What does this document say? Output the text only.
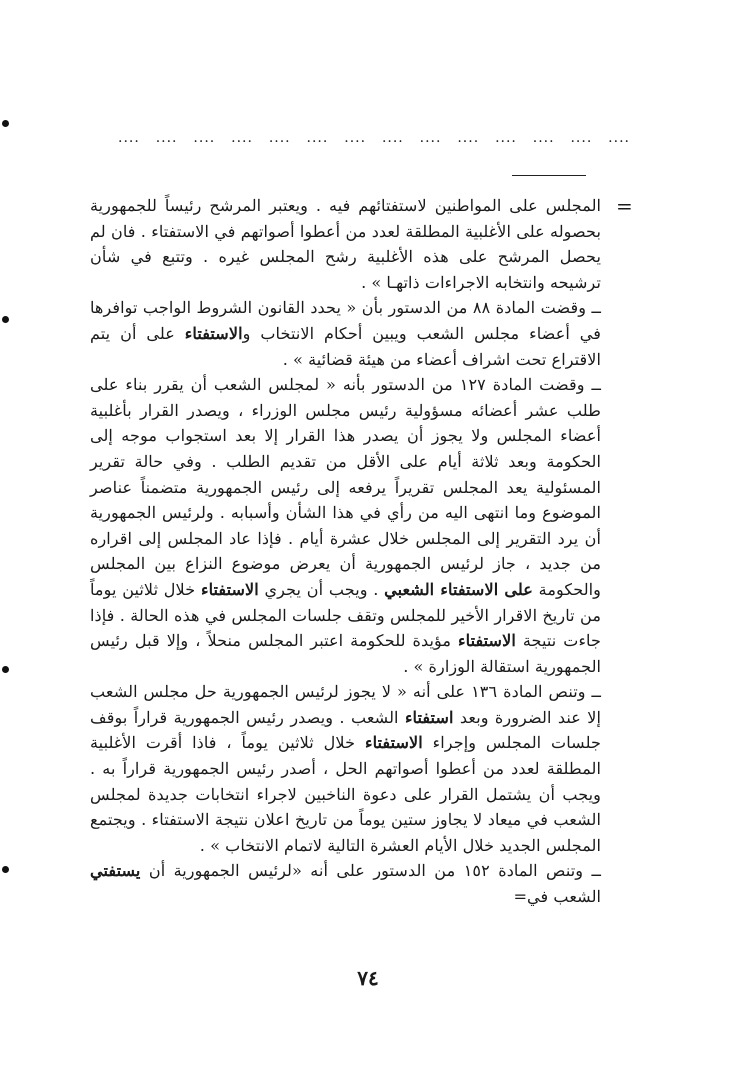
.... .... .... .... .... .... .... .... .... .... .... .... .... ....
=

المجلس على المواطنين لاستفتائهم فيه . ويعتبر المرشح رئيساً للجمهورية بحصوله على الأغلبية المطلقة لعدد من أعطوا أصواتهم في الاستفتاء . فان لم يحصل المرشح على هذه الأغلبية رشح المجلس غيره . وتتبع في شأن ترشيحه وانتخابه الاجراءات ذاتهـا » .

ــ وقضت المادة ٨٨ من الدستور بأن « يحدد القانون الشروط الواجب توافرها في أعضاء مجلس الشعب ويبين أحكام الانتخاب والاستفتاء على أن يتم الاقتراع تحت اشراف أعضاء من هيئة قضائية » .

ــ وقضت المادة ١٢٧ من الدستور بأنه « لمجلس الشعب أن يقرر بناء على طلب عشر أعضائه مسؤولية رئيس مجلس الوزراء ، ويصدر القرار بأغلبية أعضاء المجلس ولا يجوز أن يصدر هذا القرار إلا بعد استجواب موجه إلى الحكومة وبعد ثلاثة أيام على الأقل من تقديم الطلب . وفي حالة تقرير المسئولية يعد المجلس تقريراً يرفعه إلى رئيس الجمهورية متضمناً عناصر الموضوع وما انتهى اليه من رأي في هذا الشأن وأسبابه . ولرئيس الجمهورية أن يرد التقرير إلى المجلس خلال عشرة أيام . فإذا عاد المجلس إلى اقراره من جديد ، جاز لرئيس الجمهورية أن يعرض موضوع النزاع بين المجلس والحكومة على الاستفتاء الشعبي . ويجب أن يجري الاستفتاء خلال ثلاثين يوماً من تاريخ الاقرار الأخير للمجلس وتقف جلسات المجلس في هذه الحالة . فإذا جاءت نتيجة الاستفتاء مؤيدة للحكومة اعتبر المجلس منحلاً ، وإلا قبل رئيس الجمهورية استقالة الوزارة » .

ــ وتنص المادة ١٣٦ على أنه « لا يجوز لرئيس الجمهورية حل مجلس الشعب إلا عند الضرورة وبعد استفتاء الشعب . ويصدر رئيس الجمهورية قراراً بوقف جلسات المجلس وإجراء الاستفتاء خلال ثلاثين يوماً ، فاذا أقرت الأغلبية المطلقة لعدد من أعطوا أصواتهم الحل ، أصدر رئيس الجمهورية قراراً به . ويجب أن يشتمل القرار على دعوة الناخبين لاجراء انتخابات جديدة لمجلس الشعب في ميعاد لا يجاوز ستين يوماً من تاريخ اعلان نتيجة الاستفتاء . ويجتمع المجلس الجديد خلال الأيام العشرة التالية لاتمام الانتخاب » .

ــ وتنص المادة ١٥٢ من الدستور على أنه «لرئيس الجمهورية أن يستفتي الشعب في=

٧٤
